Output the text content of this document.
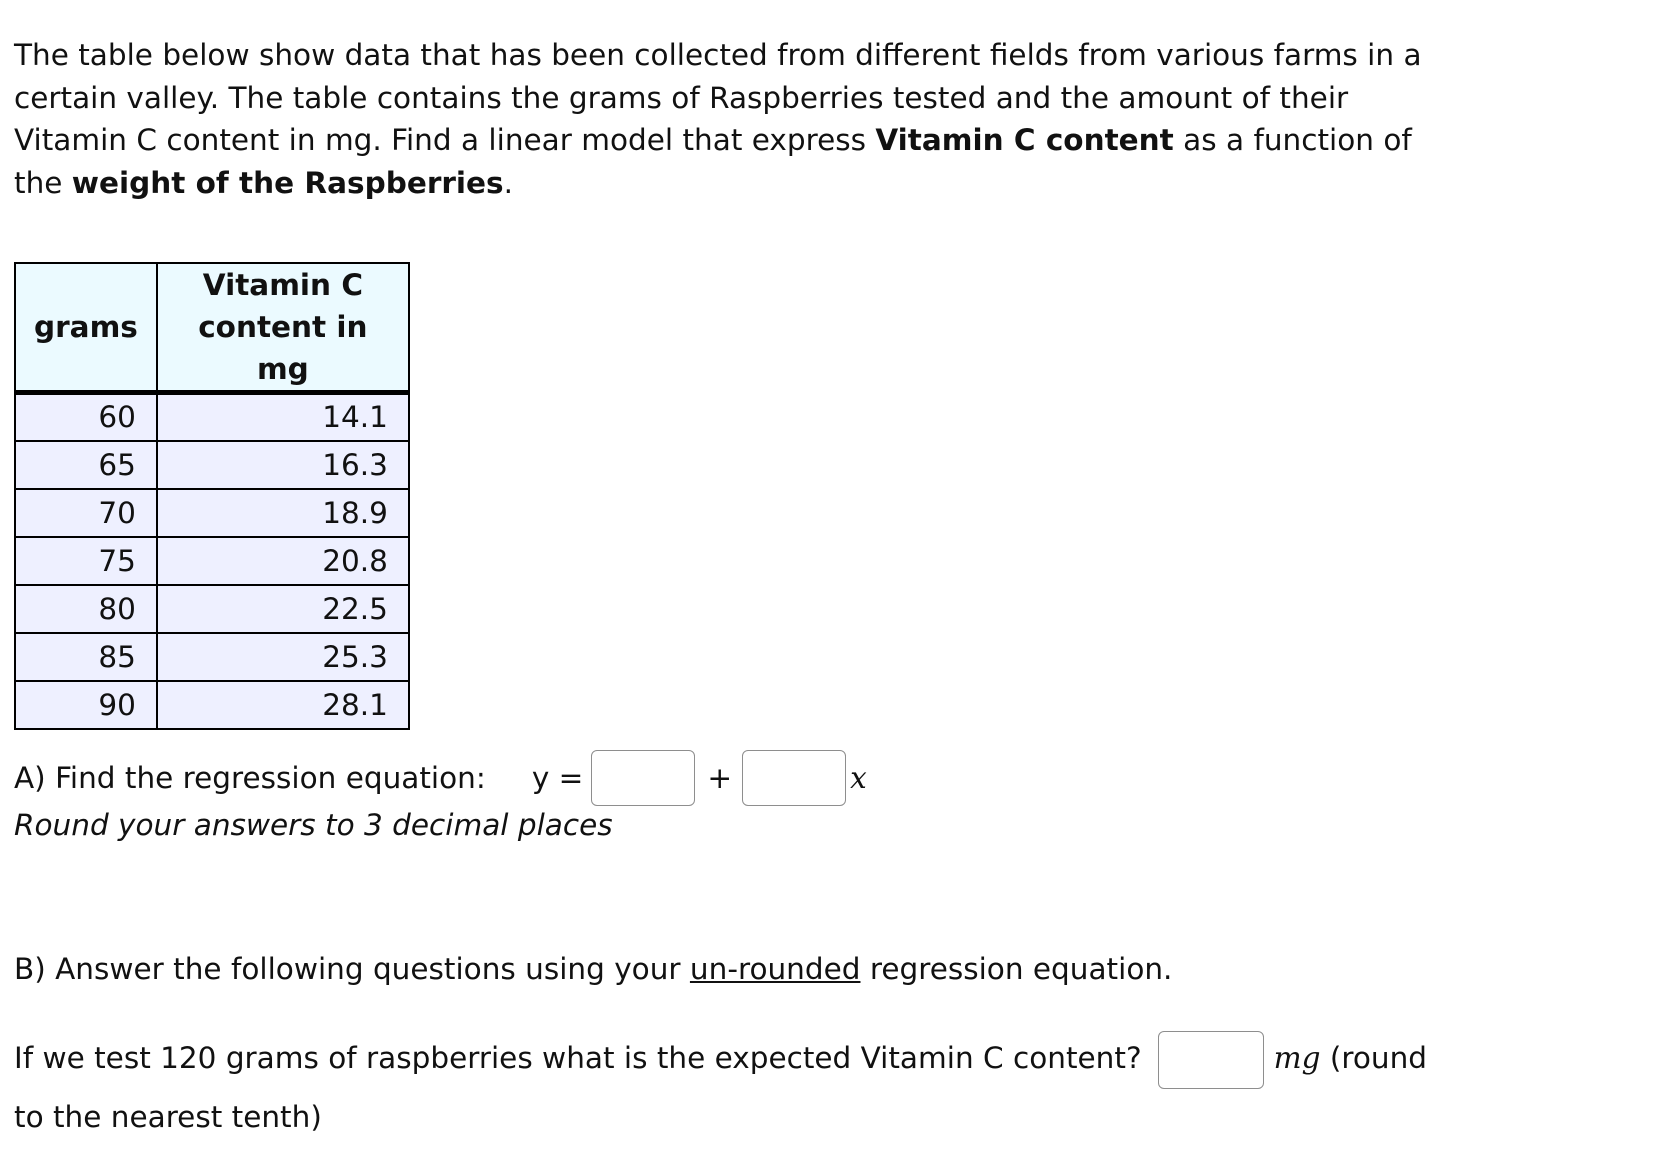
The table below show data that has been collected from different fields from various farms in a certain valley. The table contains the grams of Raspberries tested and the amount of their Vitamin C content in mg. Find a linear model that express Vitamin C content as a function of the weight of the Raspberries.

grams	Vitamin C content in mg
60	14.1
65	16.3
70	18.9
75	20.8
80	22.5
85	25.3
90	28.1
A) Find the regression equation: y =	+	x
Round your answers to 3 decimal places
B) Answer the following questions using your un-rounded regression equation.
If we test 120 grams of raspberries what is the expected Vitamin C content?	mg (round to the nearest tenth)
